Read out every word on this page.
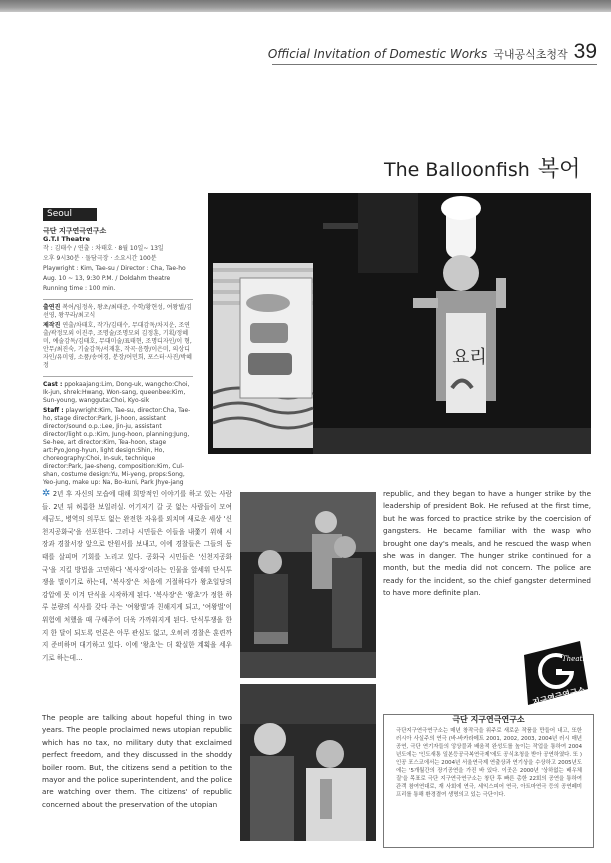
Official Invitation of Domestic Works 국내공식초청작 39
The Balloonfish 복어
Seoul
극단 지구연극연구소
G.T.I Theatre

작 : 김태수 / 연출 : 차태호 · 8월 10일~ 13일

오후 9시30분 · 돌담극장 · 소요시간 100분

Playwright : Kim, Tae-su / Director : Cha, Tae-ho

Aug. 10 ~ 13, 9:30 P.M. / Doldahm theatre

Running time : 100 min.

출연진 복어/임정옥, 왕초/최태준, 수학/황현성, 여왕벌/김선영, 왕꾸라/최고식

제작진 연출/차태호, 작가/김태수, 무대감독/차지운, 조연출/곽정모외 이진주, 조명술/조명모외 김정훈, 기획/정혜미, 예술감독/김태호, 무대미술/표태현, 조명디자인/이 형, 안무/최진숙, 기술감독/서재훈, 작곡·음향/이은미, 의상디자인/유미영, 소품/송여경, 분장/어민희, 포스터·사진/박혜정

Cast : ppokaajang:Lim, Dong-uk, wangcho:Choi, Ik-jun, shrek:Hwang, Won-sang, queenbee:Kim, Sun-young, wangguta:Choi, Kyo-sik

Staff : playwright:Kim, Tae-su, director:Cha, Tae-ho, stage director:Park, Ji-hoon, assistant director/sound o.p.:Lee, Jin-ju, assistant director/light o.p.:Kim, Jung-hoon, planning:Jung, Se-hee, art director:Kim, Tea-hoon, stage art:Pyo,Jong-hyun, light design:Shin, Ho, choreography:Choi, In-suk, technique director:Park, Jae-sheng, composition:Kim, Cul-shan, costume design:Yu, Mi-yeng, props:Song, Yeo-jung, make up: Na, Bo-kuni, Park Jhye-jang

요리
✲ 2년 후 자신의 모습에 대해 희망적인 이야기를 하고 있는 사람들. 2년 뒤 허름한 보일러실. 어기저기 갈 곳 없는 사람들이 모여 세금도, 병역의 의무도 없는 완전한 자유를 외치며 새로운 세상 '신천지공화국'을 선포한다. 그러나 시민들은 이들을 내쫓기 위해 시장과 경찰서장 앞으로 탄원서를 보내고, 이에 경찰들은 그들의 동태를 살피며 기회를 노리고 있다. 공화국 시민들은 '신천지공화국'을 지킬 방법을 고민하다 '복사장'이라는 인물을 앞세워 단식투쟁을 벌이기로 하는데, '복사장'은 처음에 거절하다가 왕초일당의 강압에 못 이겨 단식을 시작하게 된다. '복사장'은 '왕초'가 정한 하루 분량의 식사를 갖다 주는 '여왕벌'과 친해지게 되고, '여왕벌'이 위험에 처했을 때 구해주어 더욱 가까워지게 된다. 단식투쟁을 한지 한 달이 되도록 언론은 아무 관심도 없고, 오히려 경찰은 훈련까지 준비하며 대기하고 있다. 이에 '왕초'는 더 확실한 계획을 세우기로 하는데…
The people are talking about hopeful thing in two years. The people proclaimed news utopian republic which has no tax, no military duty that exclaimed perfect freedom, and they discussed in the shoddy boiler room. But, the citizens send a petition to the mayor and the police superintendent, and the police are watching over them. The citizens' of republic concerned about the preservation of the utopian
republic, and they began to have a hunger strike by the leadership of president Bok. He refused at the first time, but he was forced to practice strike by the coercision of gangsters. He became familiar with the wasp who brought one day's meals, and he rescued the wasp when she was in danger. The hunger strike continued for a month, but the media did not concern. The police are ready for the incident, so the chief gangster determined to have more definite plan.
Theatre
지구연극연구소
극단 지구연극연구소
극단지구연극연구소는 매년 창작극을 위주로 새로운 작품을 만들어 내고, 또한 러시아 사실주의 연극 (바-바카라메트 2001, 2002, 2003, 2004년 러시 매년 공연, 극단 연기자들의 앙상블과 배움적 완성도를 높이는 작업을 통하여 2004년도에는 '인도새통 일본등공극복연극제'에도 공식초청을 받아 공연하였다. 또 ) 인공 포스코에서는 2004년 서울연극제 연출상과 연기상을 수상하고 2005년도에는 '5개월간의 장기공연을 가진 바 있다. 이곳은 2000년 '상하없는 배우체질'을 목표로 극단 지구연극연구소는 창단 후 빠른 총한 22회의 공연을 통하여 관객 참여연대로, 재 사회에 연극, 세익스피어 연극, 아트마연극 등의 공연페미프리를 통해 환경결여 생명의고 있는 극단이다.
